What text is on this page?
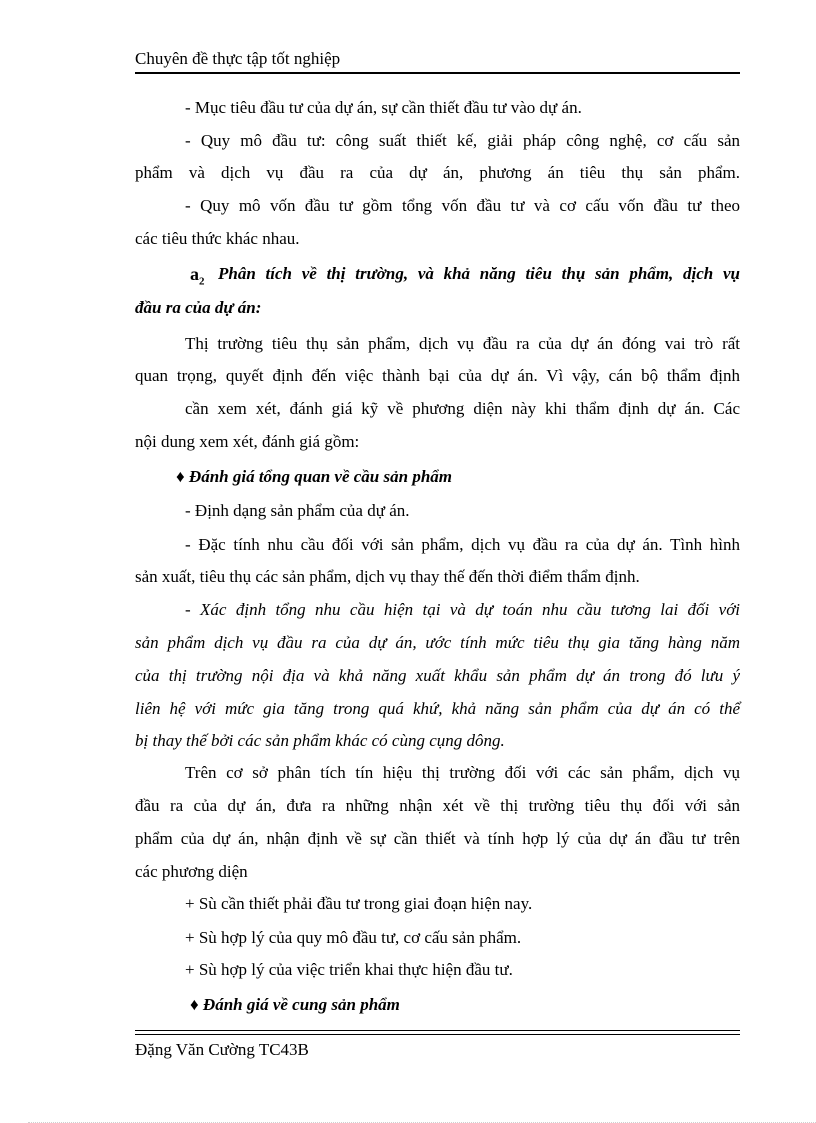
Chuyên đề thực tập tốt nghiệp
- Mục tiêu đầu tư của dự án, sự cần thiết đầu tư vào dự án.
- Quy mô đầu tư: công suất thiết kế, giải pháp công nghệ, cơ cấu sản
phẩm và dịch vụ đầu ra của dự án, phương án tiêu thụ sản phẩm.
- Quy mô vốn đầu tư gồm tổng vốn đầu tư và cơ cấu vốn đầu tư theo
các tiêu thức khác nhau.
$a_2$ Phân tích về thị trường, và khả năng tiêu thụ sản phẩm, dịch vụ
đầu ra của dự án:
Thị trường tiêu thụ sản phẩm, dịch vụ đầu ra của dự án đóng vai trò rất
quan trọng, quyết định đến việc thành bại của dự án. Vì vậy, cán bộ thẩm định
cần xem xét, đánh giá kỹ về phương diện này khi thẩm định dự án. Các
nội dung xem xét, đánh giá gồm:
♦ Đánh giá tổng quan về cầu sản phẩm
- Định dạng sản phẩm của dự án.
- Đặc tính nhu cầu đối với sản phẩm, dịch vụ đầu ra của dự án. Tình hình
sản xuất, tiêu thụ các sản phẩm, dịch vụ thay thế đến thời điểm thẩm định.
- Xác định tổng nhu cầu hiện tại và dự toán nhu cầu tương lai đối với
sản phẩm dịch vụ đầu ra của dự án, ước tính mức tiêu thụ gia tăng hàng năm
của thị trường nội địa và khả năng xuất khẩu sản phẩm dự án trong đó lưu ý
liên hệ với mức gia tăng trong quá khứ, khả năng sản phẩm của dự án có thể
bị thay thế bởi các sản phẩm khác có cùng cụng dông.
Trên cơ sở phân tích tín hiệu thị trường đối với các sản phẩm, dịch vụ
đầu ra của dự án, đưa ra những nhận xét về thị trường tiêu thụ đối với sản
phẩm của dự án, nhận định về sự cần thiết và tính hợp lý của dự án đầu tư trên
các phương diện
+ Sù cần thiết phải đầu tư trong giai đoạn hiện nay.
+ Sù hợp lý của quy mô đầu tư, cơ cấu sản phẩm.
+ Sù hợp lý của việc triển khai thực hiện đầu tư.
♦ Đánh giá về cung sản phẩm
Đặng Văn Cường TC43B
